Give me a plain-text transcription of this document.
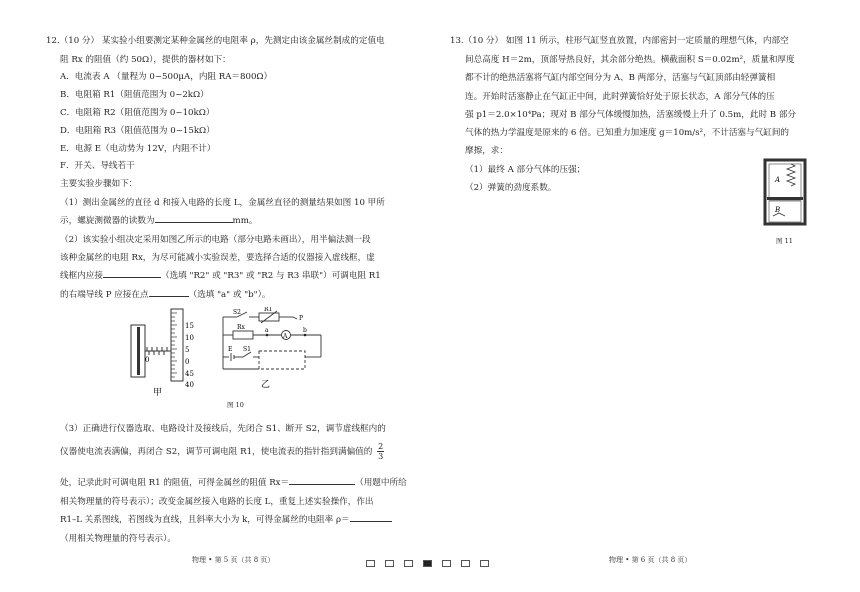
12.（10 分） 某实验小组要测定某种金属丝的电阻率 ρ，先测定由该金属丝制成的定值电
阻 Rx 的阻值（约 50Ω），提供的器材如下：
A．电流表 A （量程为 0~500μA，内阻 RA＝800Ω）
B．电阻箱 R1（阻值范围为 0~2kΩ）
C．电阻箱 R2（阻值范围为 0~10kΩ）
D．电阻箱 R3（阻值范围为 0~15kΩ）
E．电源 E（电动势为 12V，内阻不计）
F．开关、导线若干
主要实验步骤如下：
（1）测出金属丝的直径 d 和接入电路的长度 L，金属丝直径的测量结果如图 10 甲所
示，螺旋测微器的读数为	mm。
（2）该实验小组决定采用如图乙所示的电路（部分电路未画出），用半偏法测一段
该种金属丝的电阻 Rx，为尽可能减小实验误差，要选择合适的仪器接入虚线框，虚
线框内应接	（选填 "R2" 或 "R3" 或 "R2 与 R3 串联"）可调电阻 R1
的右端导线 P 应接在点	（选填 "a" 或 "b"）。
0
15
10
5
0
45
40
甲
S2	R1
P
Rx	a
A
b
S1
E
乙
图 10
（3）正确进行仪器选取、电路设计及接线后，先闭合 S1、断开 S2，调节虚线框内的
仪器使电流表满偏，再闭合 S2，调节可调电阻 R1，使电流表的指针指到满偏值的 $\frac{2}{3}$
处，记录此时可调电阻 R1 的阻值，可得金属丝的阻值 Rx＝	（用题中所给
相关物理量的符号表示）；改变金属丝接入电路的长度 L，重复上述实验操作，作出
R1–L 关系图线，若图线为直线，且斜率大小为 k，可得金属丝的电阻率 ρ＝
（用相关物理量的符号表示）。
物理 • 第 5 页（共 8 页）
13.（10 分） 如图 11 所示，柱形气缸竖直放置，内部密封一定质量的理想气体，内部空
间总高度 H＝2m，顶部导热良好，其余部分绝热。横截面积 S＝0.02m²，质量和厚度
都不计的绝热活塞将气缸内部空间分为 A、B 两部分，活塞与气缸顶部由轻弹簧相
连。开始时活塞静止在气缸正中间，此时弹簧恰好处于原长状态，A 部分气体的压
强 p1＝2.0×10⁴Pa；现对 B 部分气体缓慢加热，活塞缓慢上升了 0.5m，此时 B 部分
气体的热力学温度是原来的 6 倍。已知重力加速度 g＝10m/s²，不计活塞与气缸间的
摩擦，求：
（1）最终 A 部分气体的压强；
（2）弹簧的劲度系数。
A
B
图 11
物理 • 第 6 页（共 8 页）
